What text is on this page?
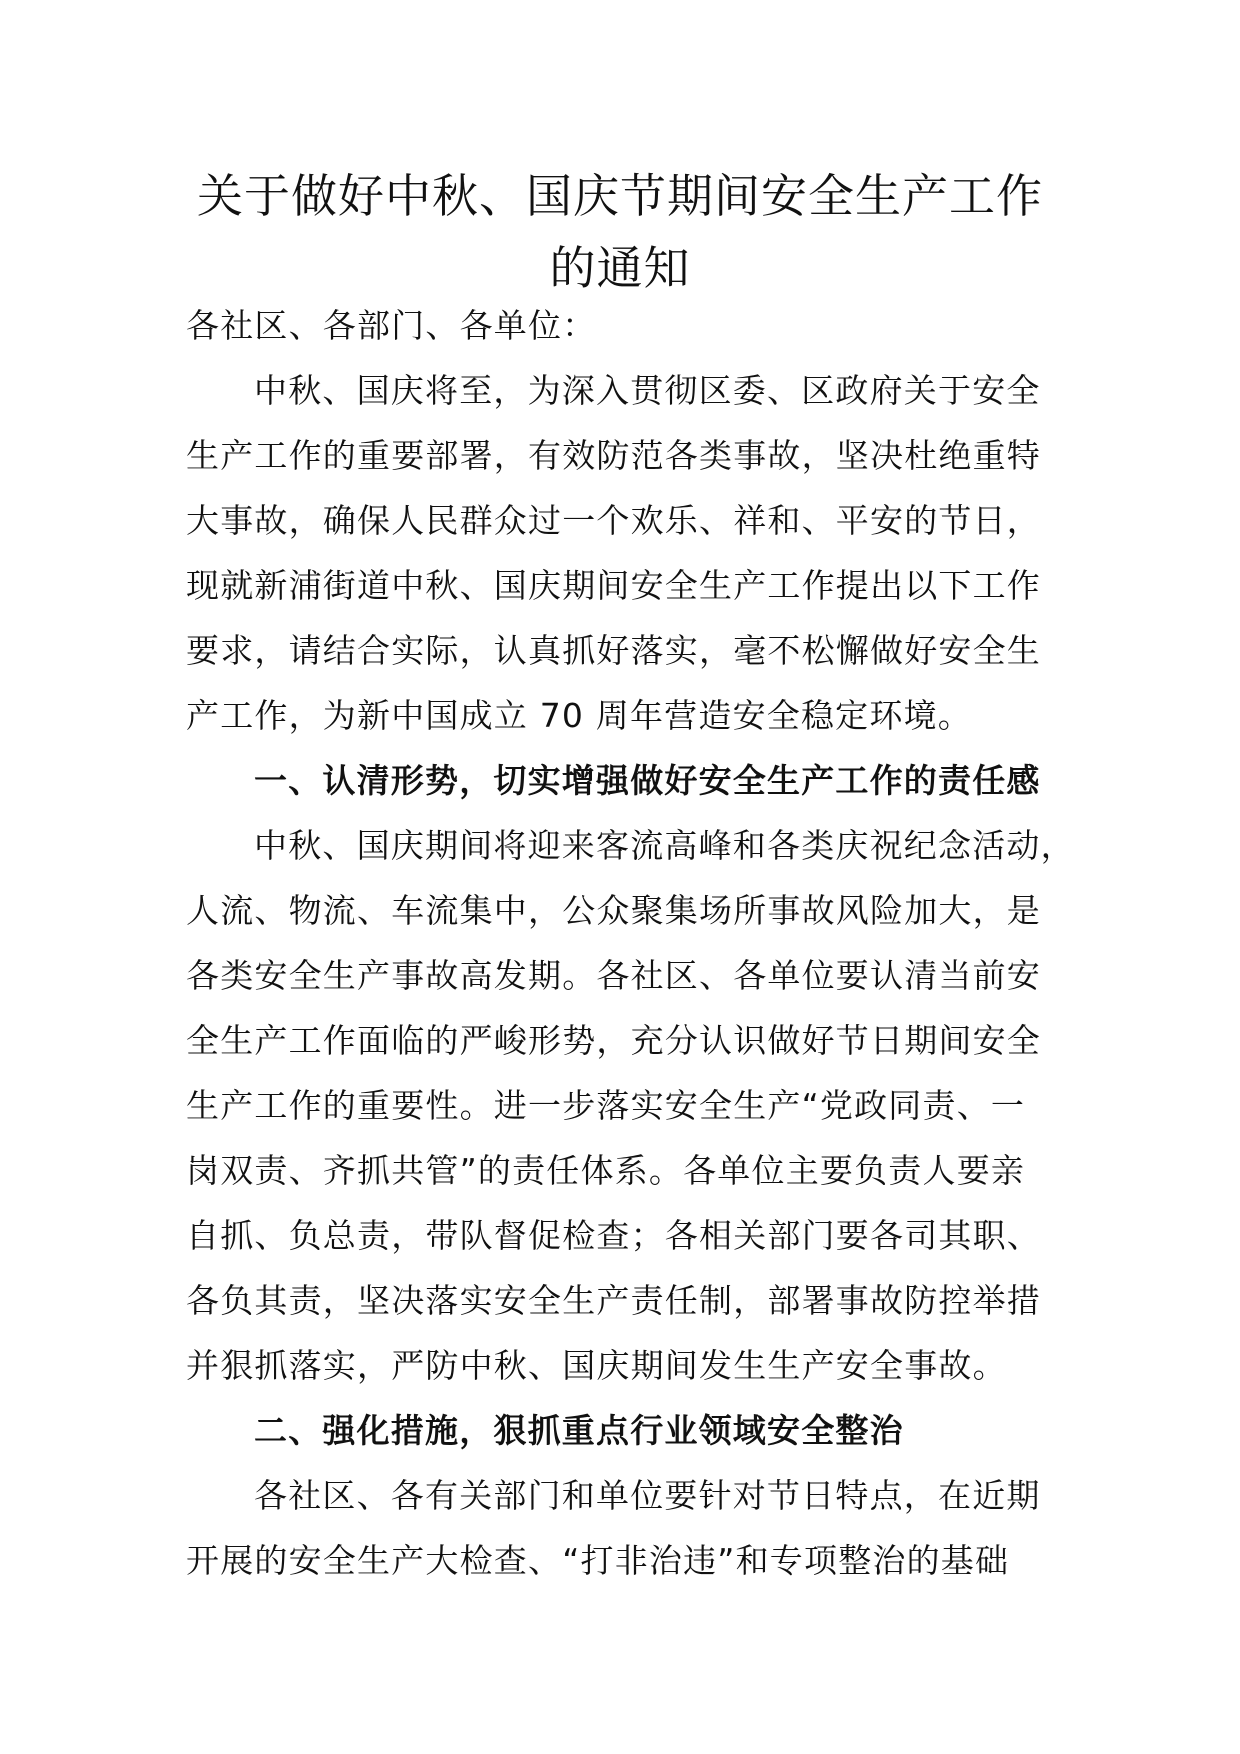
关于做好中秋、国庆节期间安全生产工作
的通知
各社区、各部门、各单位：
中秋、国庆将至，为深入贯彻区委、区政府关于安全
生产工作的重要部署，有效防范各类事故，坚决杜绝重特
大事故，确保人民群众过一个欢乐、祥和、平安的节日，
现就新浦街道中秋、国庆期间安全生产工作提出以下工作
要求，请结合实际，认真抓好落实，毫不松懈做好安全生
产工作，为新中国成立 70 周年营造安全稳定环境。
一、认清形势，切实增强做好安全生产工作的责任感
中秋、国庆期间将迎来客流高峰和各类庆祝纪念活动，
人流、物流、车流集中，公众聚集场所事故风险加大，是
各类安全生产事故高发期。各社区、各单位要认清当前安
全生产工作面临的严峻形势，充分认识做好节日期间安全
生产工作的重要性。进一步落实安全生产“党政同责、一
岗双责、齐抓共管”的责任体系。各单位主要负责人要亲
自抓、负总责，带队督促检查；各相关部门要各司其职、
各负其责，坚决落实安全生产责任制，部署事故防控举措
并狠抓落实，严防中秋、国庆期间发生生产安全事故。
二、强化措施，狠抓重点行业领域安全整治
各社区、各有关部门和单位要针对节日特点，在近期
开展的安全生产大检查、“打非治违”和专项整治的基础
